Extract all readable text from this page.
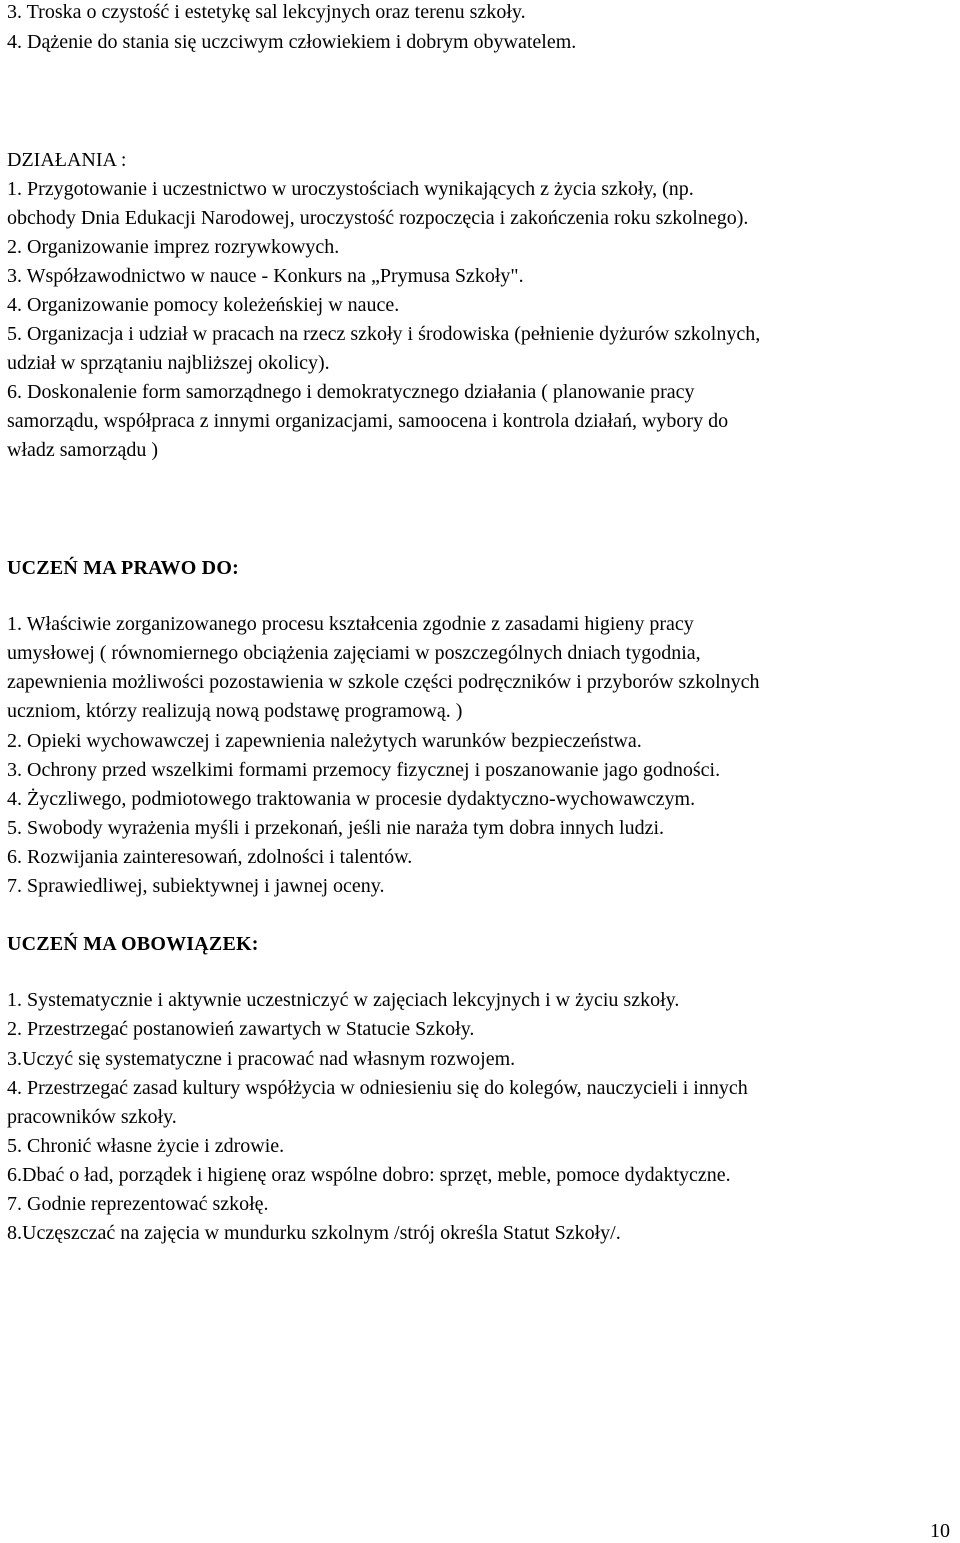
3. Troska o czystość i estetykę sal lekcyjnych oraz terenu szkoły.
4. Dążenie do stania się uczciwym człowiekiem i dobrym obywatelem.
DZIAŁANIA :
1. Przygotowanie i uczestnictwo w uroczystościach wynikających z życia szkoły, (np.
obchody Dnia Edukacji Narodowej, uroczystość rozpoczęcia i zakończenia roku szkolnego).
2. Organizowanie imprez rozrywkowych.
3. Współzawodnictwo w nauce - Konkurs na „Prymusa Szkoły".
4. Organizowanie pomocy koleżeńskiej w nauce.
5. Organizacja i udział w pracach na rzecz szkoły i środowiska (pełnienie dyżurów szkolnych,
udział w sprzątaniu najbliższej okolicy).
6. Doskonalenie form samorządnego i demokratycznego działania ( planowanie pracy
samorządu, współpraca z innymi organizacjami, samoocena i kontrola działań, wybory do
władz samorządu )
UCZEŃ MA PRAWO DO:
1. Właściwie zorganizowanego procesu kształcenia zgodnie z zasadami higieny pracy
umysłowej ( równomiernego obciążenia zajęciami w poszczególnych dniach tygodnia,
zapewnienia możliwości pozostawienia w szkole części podręczników i przyborów szkolnych
uczniom, którzy realizują nową podstawę programową. )
2. Opieki wychowawczej i zapewnienia należytych warunków bezpieczeństwa.
3. Ochrony przed wszelkimi formami przemocy fizycznej i poszanowanie jago godności.
4. Życzliwego, podmiotowego traktowania w procesie dydaktyczno-wychowawczym.
5. Swobody wyrażenia myśli i przekonań, jeśli nie naraża tym dobra innych ludzi.
6. Rozwijania zainteresowań, zdolności i talentów.
7. Sprawiedliwej, subiektywnej i jawnej oceny.
UCZEŃ MA OBOWIĄZEK:
1. Systematycznie i aktywnie uczestniczyć w zajęciach lekcyjnych i w życiu szkoły.
2. Przestrzegać postanowień zawartych w Statucie Szkoły.
3.Uczyć się systematyczne i pracować nad własnym rozwojem.
4. Przestrzegać zasad kultury współżycia w odniesieniu się do kolegów, nauczycieli i innych
pracowników szkoły.
5. Chronić własne życie i zdrowie.
6.Dbać o ład, porządek i higienę oraz wspólne dobro: sprzęt, meble, pomoce dydaktyczne.
7. Godnie reprezentować szkołę.
8.Uczęszczać na zajęcia w mundurku szkolnym /strój określa Statut Szkoły/.
10
